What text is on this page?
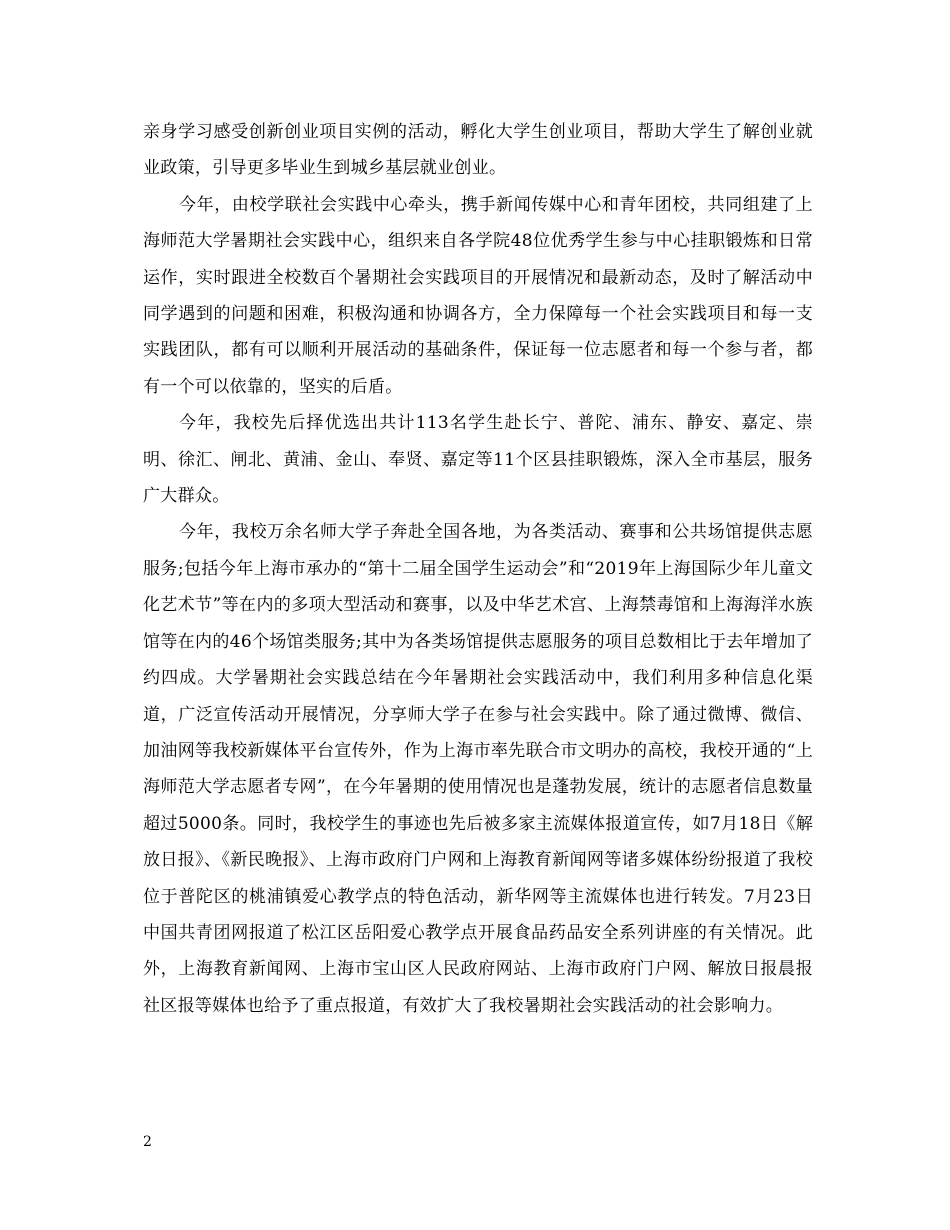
亲身学习感受创新创业项目实例的活动，孵化大学生创业项目，帮助大学生了解创业就业政策，引导更多毕业生到城乡基层就业创业。

今年，由校学联社会实践中心牵头，携手新闻传媒中心和青年团校，共同组建了上海师范大学暑期社会实践中心，组织来自各学院48位优秀学生参与中心挂职锻炼和日常运作，实时跟进全校数百个暑期社会实践项目的开展情况和最新动态，及时了解活动中同学遇到的问题和困难，积极沟通和协调各方，全力保障每一个社会实践项目和每一支实践团队，都有可以顺利开展活动的基础条件，保证每一位志愿者和每一个参与者，都有一个可以依靠的，坚实的后盾。

今年，我校先后择优选出共计113名学生赴长宁、普陀、浦东、静安、嘉定、崇明、徐汇、闸北、黄浦、金山、奉贤、嘉定等11个区县挂职锻炼，深入全市基层，服务广大群众。

今年，我校万余名师大学子奔赴全国各地，为各类活动、赛事和公共场馆提供志愿服务;包括今年上海市承办的“第十二届全国学生运动会”和“2019年上海国际少年儿童文化艺术节”等在内的多项大型活动和赛事，以及中华艺术宫、上海禁毒馆和上海海洋水族馆等在内的46个场馆类服务;其中为各类场馆提供志愿服务的项目总数相比于去年增加了约四成。大学暑期社会实践总结在今年暑期社会实践活动中，我们利用多种信息化渠道，广泛宣传活动开展情况，分享师大学子在参与社会实践中。除了通过微博、微信、加油网等我校新媒体平台宣传外，作为上海市率先联合市文明办的高校，我校开通的“上海师范大学志愿者专网”，在今年暑期的使用情况也是蓬勃发展，统计的志愿者信息数量超过5000条。同时，我校学生的事迹也先后被多家主流媒体报道宣传，如7月18日《解放日报》、《新民晚报》、上海市政府门户网和上海教育新闻网等诸多媒体纷纷报道了我校位于普陀区的桃浦镇爱心教学点的特色活动，新华网等主流媒体也进行转发。7月23日中国共青团网报道了松江区岳阳爱心教学点开展食品药品安全系列讲座的有关情况。此外，上海教育新闻网、上海市宝山区人民政府网站、上海市政府门户网、解放日报晨报社区报等媒体也给予了重点报道，有效扩大了我校暑期社会实践活动的社会影响力。

2
